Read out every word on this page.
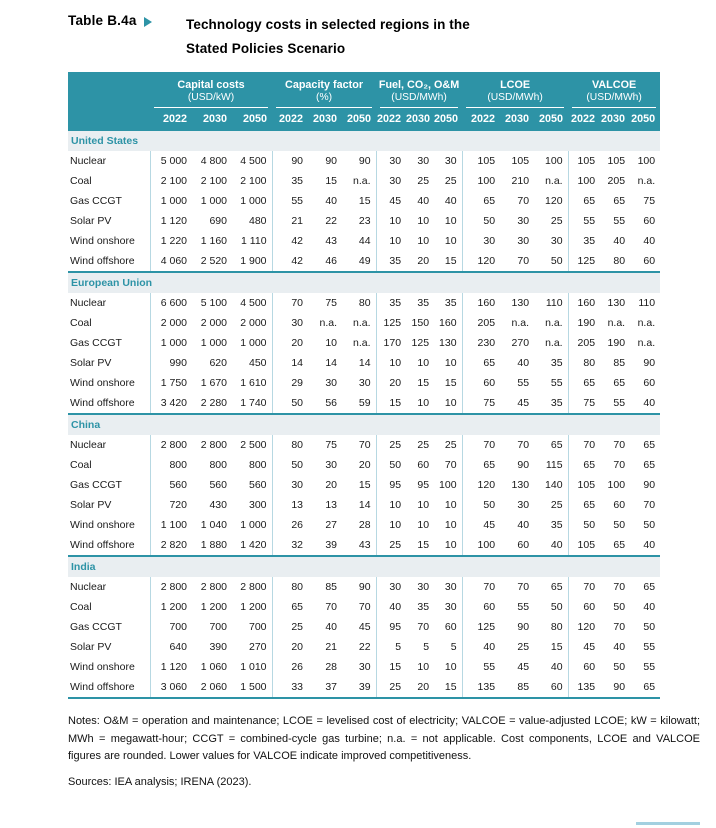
Table B.4a	Technology costs in selected regions in the
Stated Policies Scenario

Capital costs
(USD/kW)

Capacity factor
(%)

Fuel, CO₂, O&M
(USD/MWh)

LCOE
(USD/MWh)

VALCOE
(USD/MWh)

	2022	2030	2050	2022	2030	2050	2022	2030	2050	2022	2030	2050	2022	2030	2050
United States															
Nuclear	5 000	4 800	4 500	90	90	90	30	30	30	105	105	100	105	105	100
Coal	2 100	2 100	2 100	35	15	n.a.	30	25	25	100	210	n.a.	100	205	n.a.
Gas CCGT	1 000	1 000	1 000	55	40	15	45	40	40	65	70	120	65	65	75
Solar PV	1 120	690	480	21	22	23	10	10	10	50	30	25	55	55	60
Wind onshore	1 220	1 160	1 110	42	43	44	10	10	10	30	30	30	35	40	40
Wind offshore	4 060	2 520	1 900	42	46	49	35	20	15	120	70	50	125	80	60
European Union															
Nuclear	6 600	5 100	4 500	70	75	80	35	35	35	160	130	110	160	130	110
Coal	2 000	2 000	2 000	30	n.a.	n.a.	125	150	160	205	n.a.	n.a.	190	n.a.	n.a.
Gas CCGT	1 000	1 000	1 000	20	10	n.a.	170	125	130	230	270	n.a.	205	190	n.a.
Solar PV	990	620	450	14	14	14	10	10	10	65	40	35	80	85	90
Wind onshore	1 750	1 670	1 610	29	30	30	20	15	15	60	55	55	65	65	60
Wind offshore	3 420	2 280	1 740	50	56	59	15	10	10	75	45	35	75	55	40
China															
Nuclear	2 800	2 800	2 500	80	75	70	25	25	25	70	70	65	70	70	65
Coal	800	800	800	50	30	20	50	60	70	65	90	115	65	70	65
Gas CCGT	560	560	560	30	20	15	95	95	100	120	130	140	105	100	90
Solar PV	720	430	300	13	13	14	10	10	10	50	30	25	65	60	70
Wind onshore	1 100	1 040	1 000	26	27	28	10	10	10	45	40	35	50	50	50
Wind offshore	2 820	1 880	1 420	32	39	43	25	15	10	100	60	40	105	65	40
India															
Nuclear	2 800	2 800	2 800	80	85	90	30	30	30	70	70	65	70	70	65
Coal	1 200	1 200	1 200	65	70	70	40	35	30	60	55	50	60	50	40
Gas CCGT	700	700	700	25	40	45	95	70	60	125	90	80	120	70	50
Solar PV	640	390	270	20	21	22	5	5	5	40	25	15	45	40	55
Wind onshore	1 120	1 060	1 010	26	28	30	15	10	10	55	45	40	60	50	55
Wind offshore	3 060	2 060	1 500	33	37	39	25	20	15	135	85	60	135	90	65

Notes: O&M = operation and maintenance; LCOE = levelised cost of electricity; VALCOE = value-adjusted LCOE; kW = kilowatt; MWh = megawatt-hour; CCGT = combined-cycle gas turbine; n.a. = not applicable. Cost components, LCOE and VALCOE figures are rounded. Lower values for VALCOE indicate improved competitiveness.

Sources: IEA analysis; IRENA (2023).
